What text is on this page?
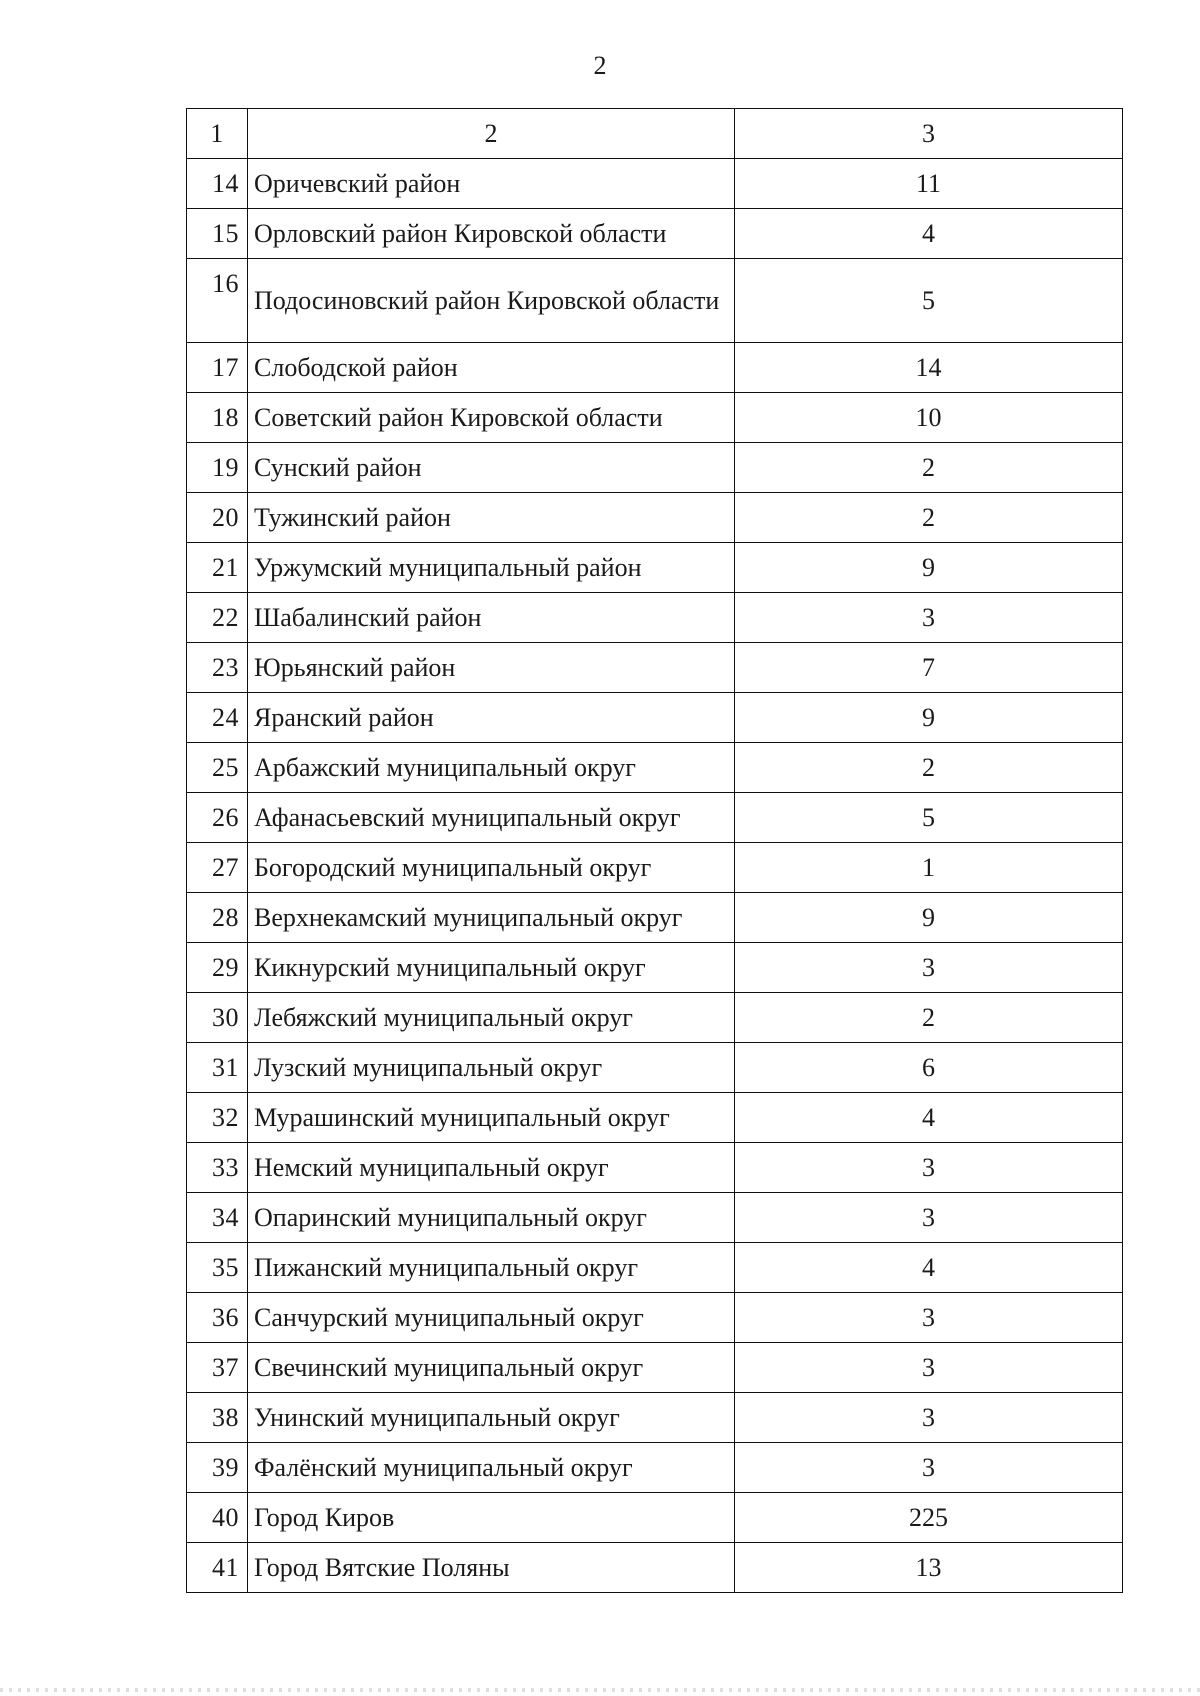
2
1	2	3
14	Оричевский район	11
15	Орловский район Кировской области	4
16	Подосиновский район Кировской области	5
17	Слободской район	14
18	Советский район Кировской области	10
19	Сунский район	2
20	Тужинский район	2
21	Уржумский муниципальный район	9
22	Шабалинский район	3
23	Юрьянский район	7
24	Яранский район	9
25	Арбажский муниципальный округ	2
26	Афанасьевский муниципальный округ	5
27	Богородский муниципальный округ	1
28	Верхнекамский муниципальный округ	9
29	Кикнурский муниципальный округ	3
30	Лебяжский муниципальный округ	2
31	Лузский муниципальный округ	6
32	Мурашинский муниципальный округ	4
33	Немский муниципальный округ	3
34	Опаринский муниципальный округ	3
35	Пижанский муниципальный округ	4
36	Санчурский муниципальный округ	3
37	Свечинский муниципальный округ	3
38	Унинский муниципальный округ	3
39	Фалёнский муниципальный округ	3
40	Город Киров	225
41	Город Вятские Поляны	13
